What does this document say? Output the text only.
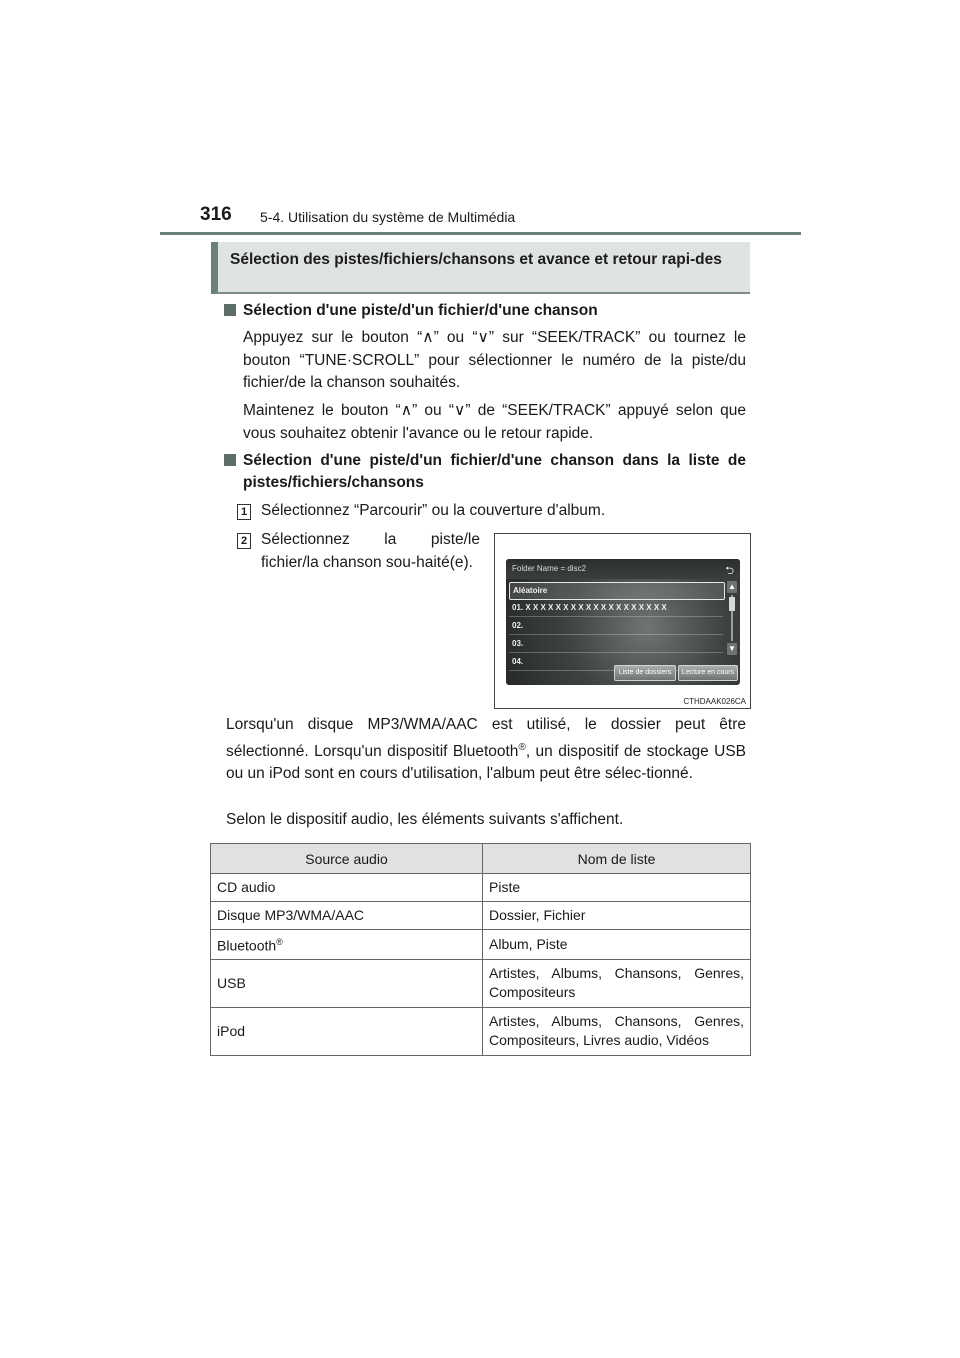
316 5-4. Utilisation du système de Multimédia
Sélection des pistes/fichiers/chansons et avance et retour rapi-des
Sélection d'une piste/d'un fichier/d'une chanson
Appuyez sur le bouton “∧” ou “∨” sur “SEEK/TRACK” ou tournez le bouton “TUNE·SCROLL” pour sélectionner le numéro de la piste/du fichier/de la chanson souhaités.
Maintenez le bouton “∧” ou “∨” de “SEEK/TRACK” appuyé selon que vous souhaitez obtenir l'avance ou le retour rapide.
Sélection d'une piste/d'un fichier/d'une chanson dans la liste de pistes/fichiers/chansons
1 Sélectionnez “Parcourir” ou la couverture d'album.
2 Sélectionnez la piste/le fichier/la chanson sou-haité(e).	Folder Name = disc2	⮌
Aléatoire
01. X X X X X X X X X X X X X X X X X X X
02.
03.
04.
▲
▼
Liste de dossiers	Lecture en cours
CTHDAAK026CA
Lorsqu'un disque MP3/WMA/AAC est utilisé, le dossier peut être sélectionné. Lorsqu'un dispositif Bluetooth®, un dispositif de stockage USB ou un iPod sont en cours d'utilisation, l'album peut être sélec-tionné.
Selon le dispositif audio, les éléments suivants s'affichent.
Source audio	Nom de liste
CD audio	Piste
Disque MP3/WMA/AAC	Dossier, Fichier
Bluetooth®	Album, Piste
USB	Artistes, Albums, Chansons, Genres, Compositeurs
iPod	Artistes, Albums, Chansons, Genres, Compositeurs, Livres audio, Vidéos
